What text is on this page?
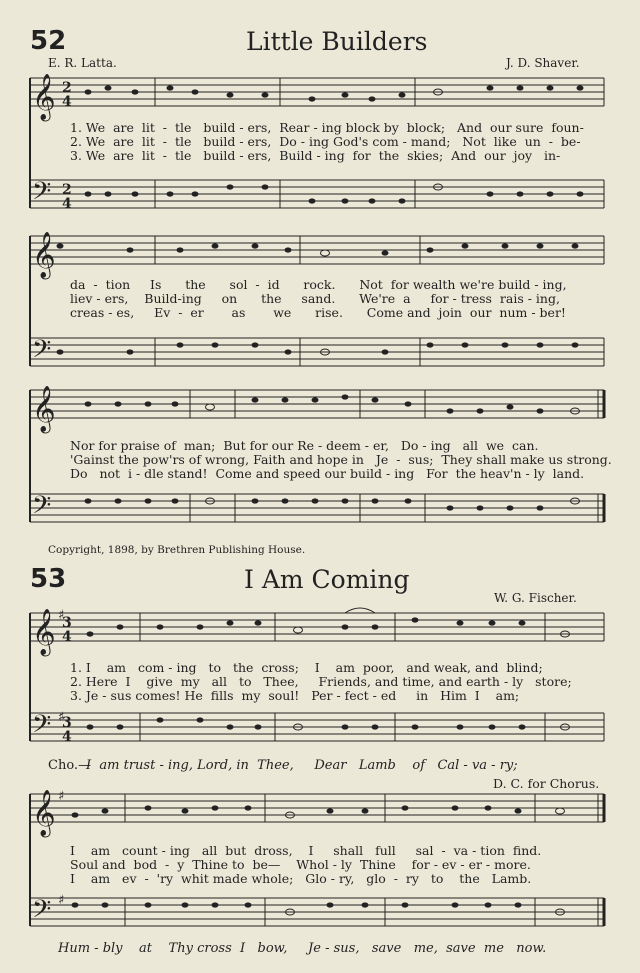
52	Little Builders
E. R. Latta.	J. D. Shaver.
𝄞
𝄢
2
4
2
4
1. We  are  lit  -  tle   build - ers,  Rear - ing block by  block;   And  our sure  foun-
2. We  are  lit  -  tle   build - ers,  Do - ing God's com - mand;   Not  like  un  -  be-
3. We  are  lit  -  tle   build - ers,  Build - ing  for  the  skies;  And  our  joy   in-
𝄞
𝄢
da  -  tion     Is      the      sol  -  id      rock.      Not  for wealth we're build - ing,
liev - ers,    Build-ing     on      the     sand.      We're  a     for - tress  rais - ing,
creas - es,     Ev  -  er       as       we      rise.      Come and  join  our  num - ber!
𝄞
𝄢
Nor for praise of  man;  But for our Re - deem - er,   Do - ing   all  we  can.
'Gainst the pow'rs of wrong, Faith and hope in   Je  -  sus;  They shall make us strong.
Do   not  i - dle stand!  Come and speed our build - ing   For  the heav'n - ly  land.
Copyright, 1898, by Brethren Publishing House.
53	I Am Coming
W. G. Fischer.
𝄞
𝄢
3
4
3
4
♯
♯
1. I    am   com - ing   to   the  cross;    I    am  poor,   and weak, and  blind;
2. Here  I    give  my   all   to   Thee,     Friends, and time, and earth - ly   store;
3. Je - sus comes! He  fills  my  soul!   Per - fect - ed     in   Him  I    am;
Cho.—
I  am trust - ing, Lord, in  Thee,     Dear   Lamb    of   Cal - va - ry;
D. C. for Chorus.
𝄞
𝄢
♯
♯
I    am   count - ing   all  but  dross,    I     shall   full     sal  -  va - tion  find.
Soul and  bod  -  y  Thine to  be—    Whol - ly  Thine    for - ev - er - more.
I    am   ev  -  'ry  whit made whole;   Glo - ry,   glo  -  ry   to    the   Lamb.
Hum - bly    at    Thy cross  I   bow,     Je - sus,   save   me,  save  me   now.
